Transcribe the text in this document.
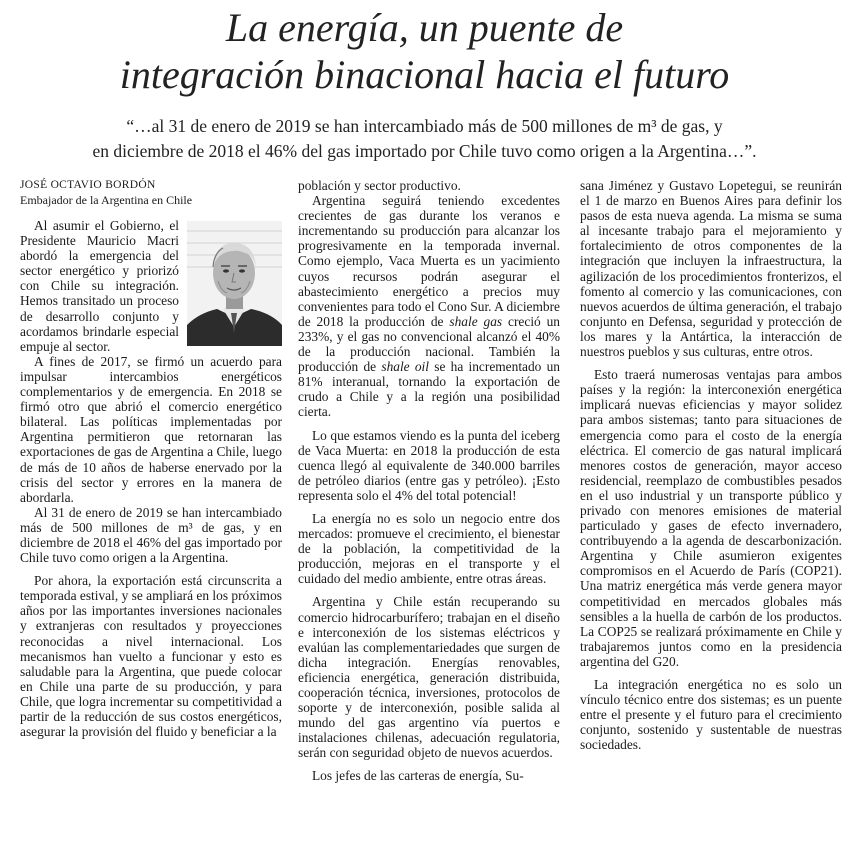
La energía, un puente de
integración binacional hacia el futuro

“…al 31 de enero de 2019 se han intercambiado más de 500 millones de m³ de gas, y
en diciembre de 2018 el 46% del gas importado por Chile tuvo como origen a la Argentina…”.

JOSÉ OCTAVIO BORDÓN

Embajador de la Argentina en Chile

Al asumir el Gobierno, el Presidente Mauricio Macri abordó la emergencia del sector energético y priorizó con Chile su integración. Hemos transitado un proceso de desarrollo conjunto y acordamos brindarle especial empuje al sector.

A fines de 2017, se firmó un acuerdo para impulsar intercambios energéticos complementarios y de emergencia. En 2018 se firmó otro que abrió el comercio energético bilateral. Las políticas implementadas por Argentina permitieron que retornaran las exportaciones de gas de Argentina a Chile, luego de más de 10 años de haberse enervado por la crisis del sector y errores en la manera de abordarla.

Al 31 de enero de 2019 se han intercambiado más de 500 millones de m³ de gas, y en diciembre de 2018 el 46% del gas importado por Chile tuvo como origen a la Argentina.

Por ahora, la exportación está circunscrita a temporada estival, y se ampliará en los próximos años por las importantes inversiones nacionales y extranjeras con resultados y proyecciones reconocidas a nivel internacional. Los mecanismos han vuelto a funcionar y esto es saludable para la Argentina, que puede colocar en Chile una parte de su producción, y para Chile, que logra incrementar su competitividad a partir de la reducción de sus costos energéticos, asegurar la provisión del fluido y beneficiar a la

población y sector productivo.

Argentina seguirá teniendo excedentes crecientes de gas durante los veranos e incrementando su producción para alcanzar los progresivamente en la temporada invernal. Como ejemplo, Vaca Muerta es un yacimiento cuyos recursos podrán asegurar el abastecimiento energético a precios muy convenientes para todo el Cono Sur. A diciembre de 2018 la producción de shale gas creció un 233%, y el gas no convencional alcanzó el 40% de la producción nacional. También la producción de shale oil se ha incrementado un 81% interanual, tornando la exportación de crudo a Chile y a la región una posibilidad cierta.

Lo que estamos viendo es la punta del iceberg de Vaca Muerta: en 2018 la producción de esta cuenca llegó al equivalente de 340.000 barriles de petróleo diarios (entre gas y petróleo). ¡Esto representa solo el 4% del total potencial!

La energía no es solo un negocio entre dos mercados: promueve el crecimiento, el bienestar de la población, la competitividad de la producción, mejoras en el transporte y el cuidado del medio ambiente, entre otras áreas.

Argentina y Chile están recuperando su comercio hidrocarburífero; trabajan en el diseño e interconexión de los sistemas eléctricos y evalúan las complementariedades que surgen de dicha integración. Energías renovables, eficiencia energética, generación distribuida, cooperación técnica, inversiones, protocolos de soporte y de interconexión, posible salida al mundo del gas argentino vía puertos e instalaciones chilenas, adecuación regulatoria, serán con seguridad objeto de nuevos acuerdos.

Los jefes de las carteras de energía, Su-

sana Jiménez y Gustavo Lopetegui, se reunirán el 1 de marzo en Buenos Aires para definir los pasos de esta nueva agenda. La misma se suma al incesante trabajo para el mejoramiento y fortalecimiento de otros componentes de la integración que incluyen la infraestructura, la agilización de los procedimientos fronterizos, el fomento al comercio y las comunicaciones, con nuevos acuerdos de última generación, el trabajo conjunto en Defensa, seguridad y protección de los mares y la Antártica, la interacción de nuestros pueblos y sus culturas, entre otros.

Esto traerá numerosas ventajas para ambos países y la región: la interconexión energética implicará nuevas eficiencias y mayor solidez para ambos sistemas; tanto para situaciones de emergencia como para el costo de la energía eléctrica. El comercio de gas natural implicará menores costos de generación, mayor acceso residencial, reemplazo de combustibles pesados en el uso industrial y un transporte público y privado con menores emisiones de material particulado y gases de efecto invernadero, contribuyendo a la agenda de descarbonización. Argentina y Chile asumieron exigentes compromisos en el Acuerdo de París (COP21). Una matriz energética más verde genera mayor competitividad en mercados globales más sensibles a la huella de carbón de los productos. La COP25 se realizará próximamente en Chile y trabajaremos juntos como en la presidencia argentina del G20.

La integración energética no es solo un vínculo técnico entre dos sistemas; es un puente entre el presente y el futuro para el crecimiento conjunto, sostenido y sustentable de nuestras sociedades.
